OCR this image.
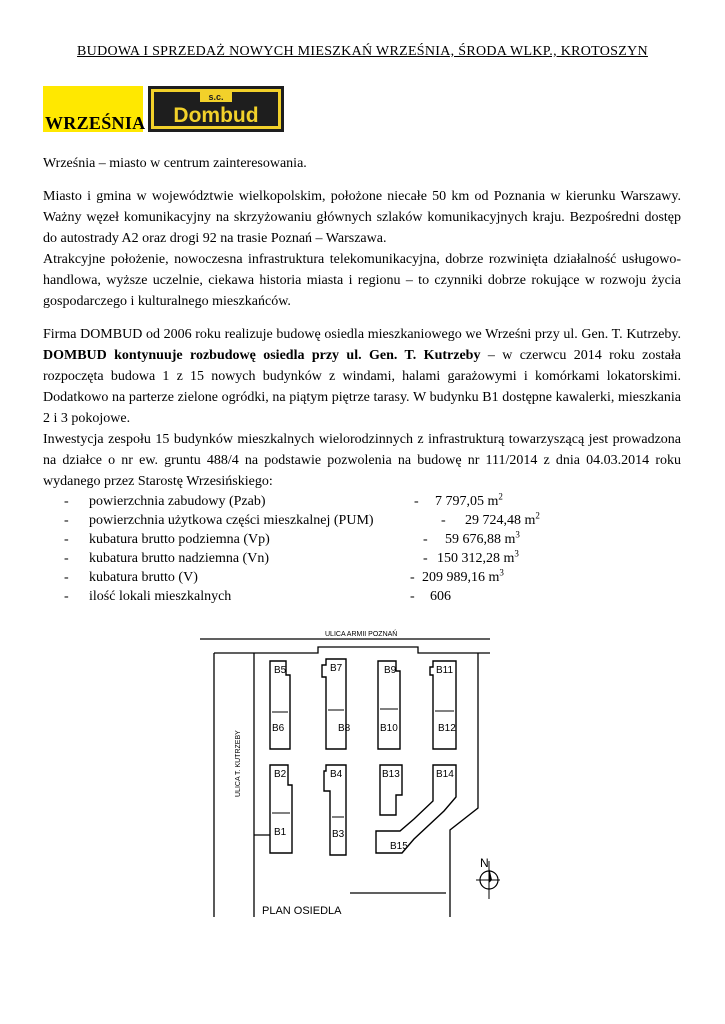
BUDOWA I SPRZEDAŻ NOWYCH MIESZKAŃ WRZEŚNIA, ŚRODA WLKP., KROTOSZYN
WRZEŚNIA
s.c.
Dombud
Września – miasto w centrum zainteresowania.
Miasto i gmina w województwie wielkopolskim, położone niecałe 50 km od Poznania w kierunku Warszawy. Ważny węzeł komunikacyjny na skrzyżowaniu głównych szlaków komunikacyjnych kraju. Bezpośredni dostęp do autostrady A2 oraz drogi 92 na trasie Poznań – Warszawa.
Atrakcyjne położenie, nowoczesna infrastruktura telekomunikacyjna, dobrze rozwinięta działalność usługowo-handlowa, wyższe uczelnie, ciekawa historia miasta i regionu – to czynniki dobrze rokujące w rozwoju życia gospodarczego i kulturalnego mieszkańców.
Firma DOMBUD od 2006 roku realizuje budowę osiedla mieszkaniowego we Wrześni przy ul. Gen. T. Kutrzeby. DOMBUD kontynuuje rozbudowę osiedla przy ul. Gen. T. Kutrzeby – w czerwcu 2014 roku została rozpoczęta budowa 1 z 15 nowych budynków z windami, halami garażowymi i komórkami lokatorskimi. Dodatkowo na parterze zielone ogródki, na piątym piętrze tarasy. W budynku B1 dostępne kawalerki, mieszkania 2 i 3 pokojowe.
Inwestycja zespołu 15 budynków mieszkalnych wielorodzinnych z infrastrukturą towarzyszącą jest prowadzona na działce o nr ew. gruntu 488/4 na podstawie pozwolenia na budowę nr 111/2014 z dnia 04.03.2014 roku wydanego przez Starostę Wrzesińskiego:
- powierzchnia zabudowy (Pzab)	- 7 797,05 $m^2$
- powierzchnia użytkowa części mieszkalnej (PUM)	- 29 724,48 $m^2$
- kubatura brutto podziemna (Vp)	- 59 676,88 $m^3$
- kubatura brutto nadziemna (Vn)	- 150 312,28 $m^3$
- kubatura brutto (V)	- 209 989,16 $m^3$
- ilość lokali mieszkalnych	- 606
B5
B6
B7
B8
B9
B10
B11
B12
B2
B1
B4
B3
B13	B14
B15
ULICA ARMII POZNAŃ
ULICA T. KUTRZEBY
N
PLAN OSIEDLA
